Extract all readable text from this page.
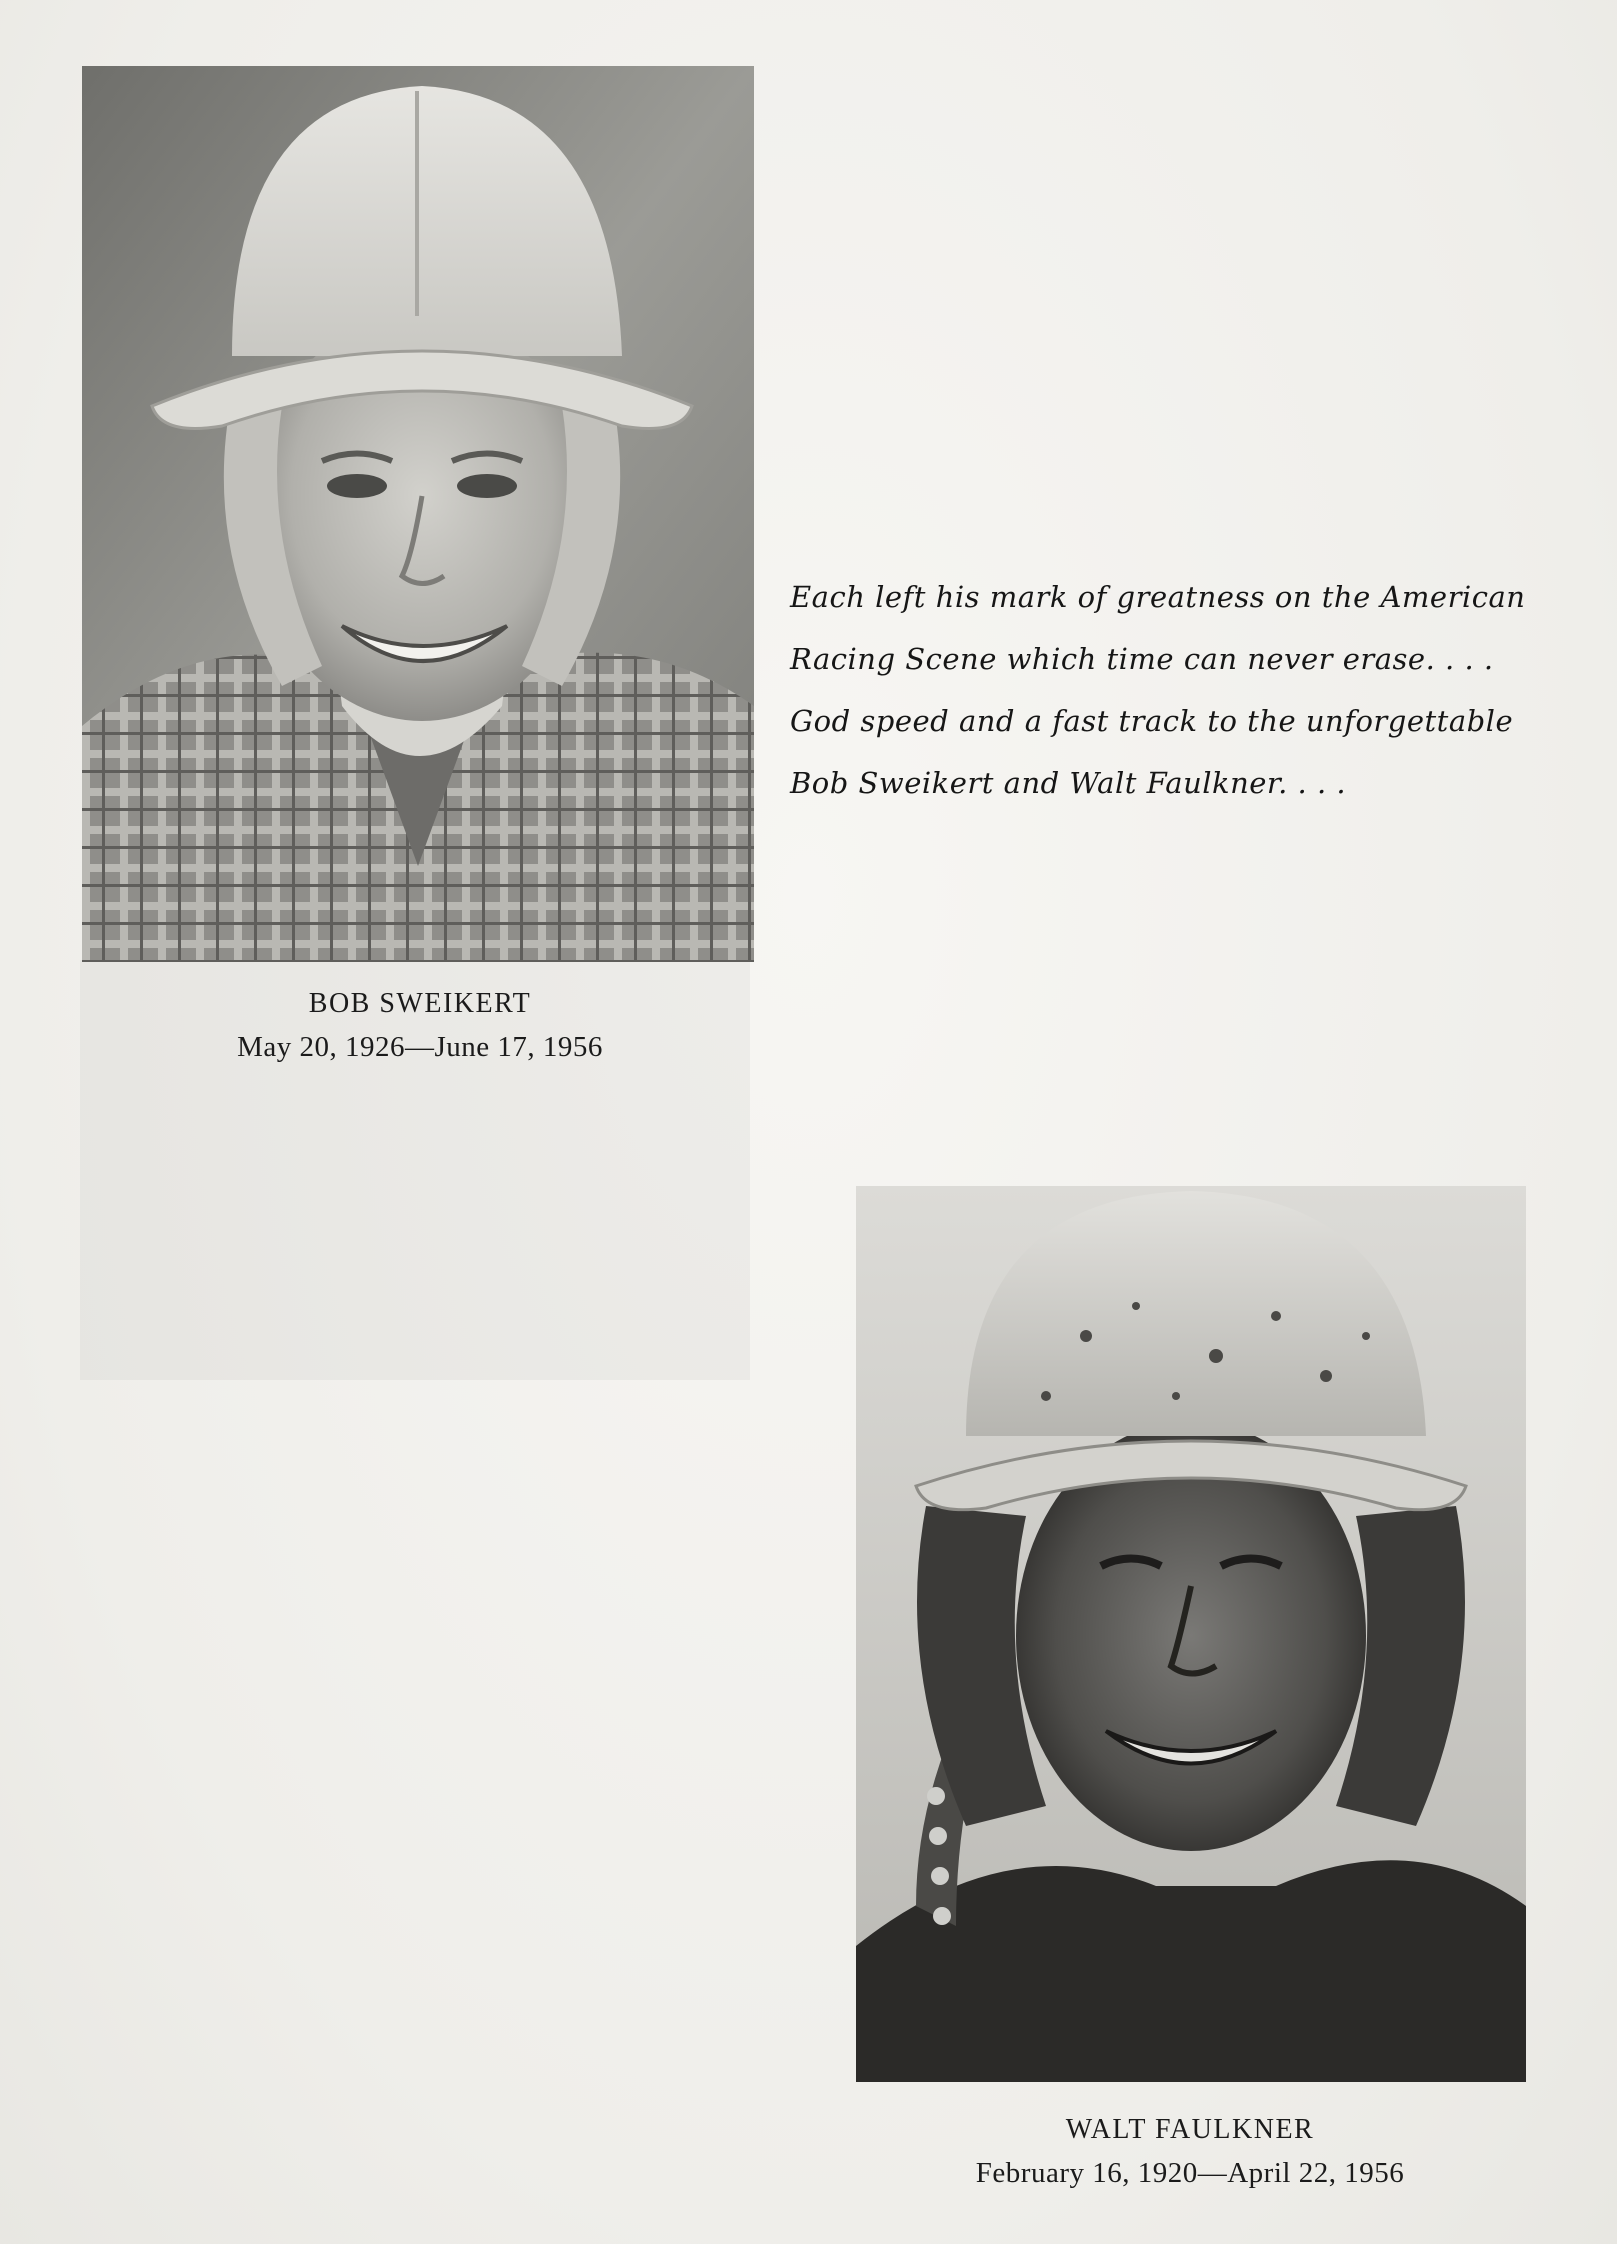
BOB SWEIKERT
May 20, 1926—June 17, 1956
Each left his mark of greatness on the American
Racing Scene which time can never erase. . . .
God speed and a fast track to the unforgettable
Bob Sweikert and Walt Faulkner. . . .
WALT FAULKNER
February 16, 1920—April 22, 1956
